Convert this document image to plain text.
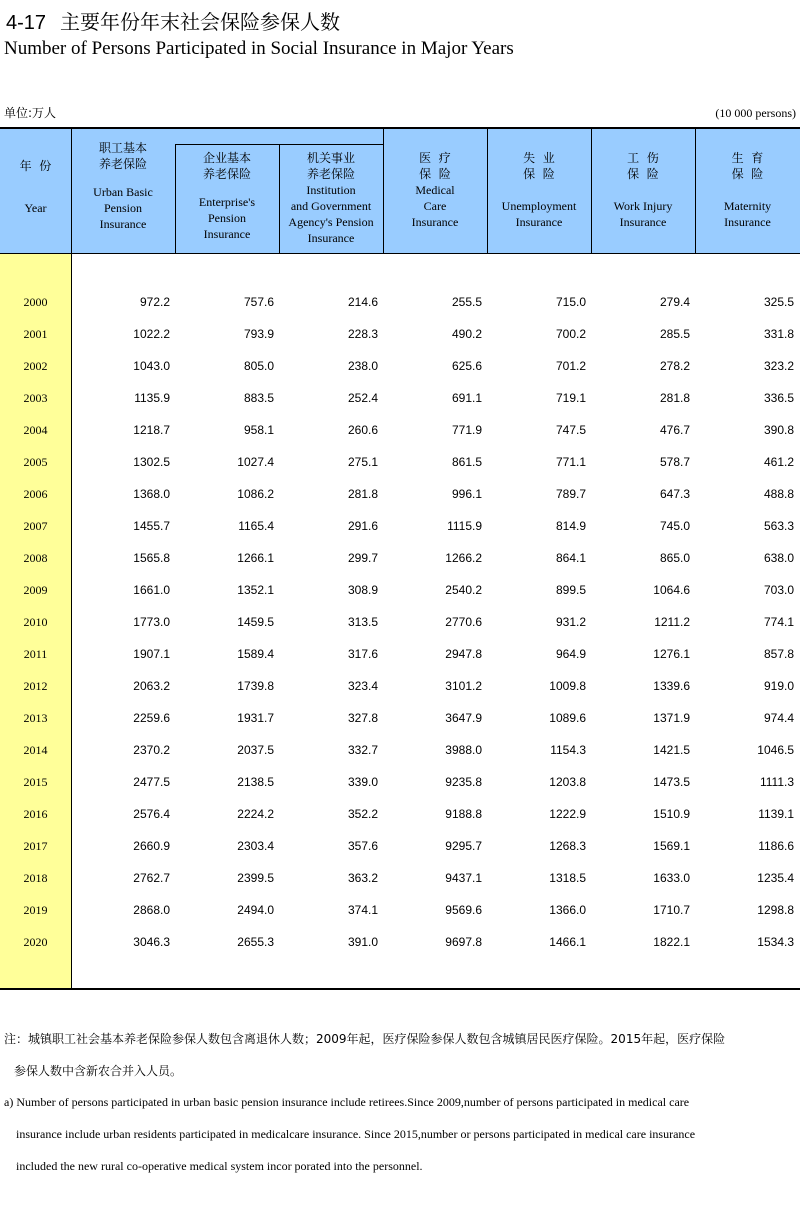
4-17 主要年份年末社会保险参保人数
Number of Persons Participated in Social Insurance in Major Years
单位:万人	(10 000 persons)
年  份
Year
职工基本
养老保险
Urban Basic
Pension
Insurance
企业基本
养老保险
Enterprise's
Pension
Insurance
机关事业
养老保险
Institution
and Government
Agency's Pension
Insurance
医  疗
保  险
Medical
Care
Insurance
失  业
保  险
Unemployment
Insurance
工  伤
保  险
Work Injury
Insurance
生  育
保  险
Maternity
Insurance
2000	972.2	757.6	214.6	255.5	715.0	279.4	325.5
2001	1022.2	793.9	228.3	490.2	700.2	285.5	331.8
2002	1043.0	805.0	238.0	625.6	701.2	278.2	323.2
2003	1135.9	883.5	252.4	691.1	719.1	281.8	336.5
2004	1218.7	958.1	260.6	771.9	747.5	476.7	390.8
2005	1302.5	1027.4	275.1	861.5	771.1	578.7	461.2
2006	1368.0	1086.2	281.8	996.1	789.7	647.3	488.8
2007	1455.7	1165.4	291.6	1115.9	814.9	745.0	563.3
2008	1565.8	1266.1	299.7	1266.2	864.1	865.0	638.0
2009	1661.0	1352.1	308.9	2540.2	899.5	1064.6	703.0
2010	1773.0	1459.5	313.5	2770.6	931.2	1211.2	774.1
2011	1907.1	1589.4	317.6	2947.8	964.9	1276.1	857.8
2012	2063.2	1739.8	323.4	3101.2	1009.8	1339.6	919.0
2013	2259.6	1931.7	327.8	3647.9	1089.6	1371.9	974.4
2014	2370.2	2037.5	332.7	3988.0	1154.3	1421.5	1046.5
2015	2477.5	2138.5	339.0	9235.8	1203.8	1473.5	1111.3
2016	2576.4	2224.2	352.2	9188.8	1222.9	1510.9	1139.1
2017	2660.9	2303.4	357.6	9295.7	1268.3	1569.1	1186.6
2018	2762.7	2399.5	363.2	9437.1	1318.5	1633.0	1235.4
2019	2868.0	2494.0	374.1	9569.6	1366.0	1710.7	1298.8
2020	3046.3	2655.3	391.0	9697.8	1466.1	1822.1	1534.3
注：城镇职工社会基本养老保险参保人数包含离退休人数；2009年起，医疗保险参保人数包含城镇居民医疗保险。2015年起，医疗保险
参保人数中含新农合并入人员。
a) Number of persons participated in urban basic pension insurance include retirees.Since 2009,number of persons participated in medical care
insurance include urban residents participated in medicalcare insurance. Since 2015,number or persons participated in medical care insurance
included the new rural co-operative medical system incor porated into the personnel.
